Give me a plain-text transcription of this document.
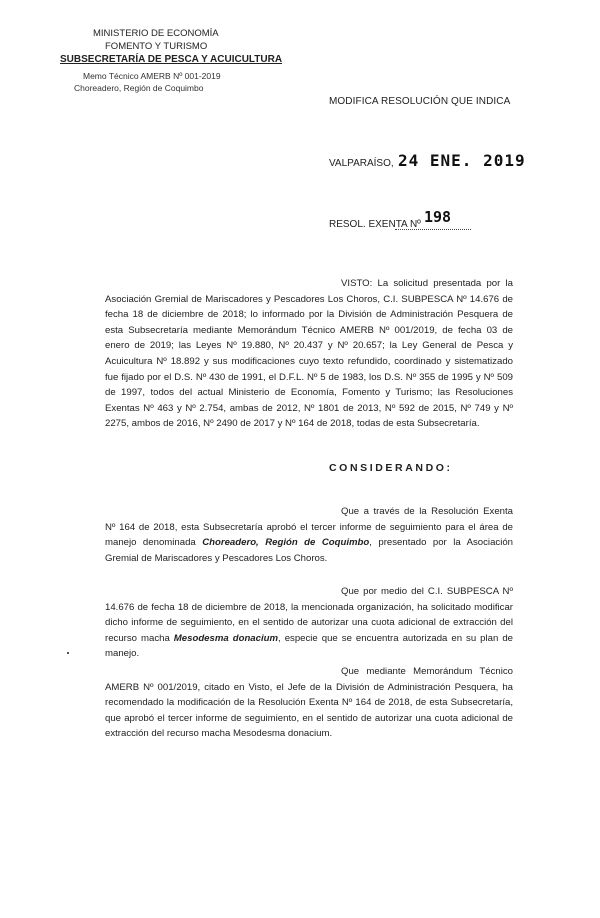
MINISTERIO DE ECONOMÍA
FOMENTO Y TURISMO
SUBSECRETARÍA DE PESCA Y ACUICULTURA
Memo Técnico AMERB Nº 001-2019
Choreadero, Región de Coquimbo
MODIFICA RESOLUCIÓN QUE INDICA
VALPARAÍSO, 24 ENE. 2019
RESOL. EXENTA Nº 198
VISTO: La solicitud presentada por la Asociación Gremial de Mariscadores y Pescadores Los Choros, C.I. SUBPESCA Nº 14.676 de fecha 18 de diciembre de 2018; lo informado por la División de Administración Pesquera de esta Subsecretaría mediante Memorándum Técnico AMERB Nº 001/2019, de fecha 03 de enero de 2019; las Leyes Nº 19.880, Nº 20.437 y Nº 20.657; la Ley General de Pesca y Acuicultura Nº 18.892 y sus modificaciones cuyo texto refundido, coordinado y sistematizado fue fijado por el D.S. Nº 430 de 1991, el D.F.L. Nº 5 de 1983, los D.S. Nº 355 de 1995 y Nº 509 de 1997, todos del actual Ministerio de Economía, Fomento y Turismo; las Resoluciones Exentas Nº 463 y Nº 2.754, ambas de 2012, Nº 1801 de 2013, Nº 592 de 2015, Nº 749 y Nº 2275, ambos de 2016, Nº 2490 de 2017 y Nº 164 de 2018, todas de esta Subsecretaría.
CONSIDERANDO:
Que a través de la Resolución Exenta Nº 164 de 2018, esta Subsecretaría aprobó el tercer informe de seguimiento para el área de manejo denominada Choreadero, Región de Coquimbo, presentado por la Asociación Gremial de Mariscadores y Pescadores Los Choros.
Que por medio del C.I. SUBPESCA Nº 14.676 de fecha 18 de diciembre de 2018, la mencionada organización, ha solicitado modificar dicho informe de seguimiento, en el sentido de autorizar una cuota adicional de extracción del recurso macha Mesodesma donacium, especie que se encuentra autorizada en su plan de manejo.
Que mediante Memorándum Técnico AMERB Nº 001/2019, citado en Visto, el Jefe de la División de Administración Pesquera, ha recomendado la modificación de la Resolución Exenta Nº 164 de 2018, de esta Subsecretaría, que aprobó el tercer informe de seguimiento, en el sentido de autorizar una cuota adicional de extracción del recurso macha Mesodesma donacium.
